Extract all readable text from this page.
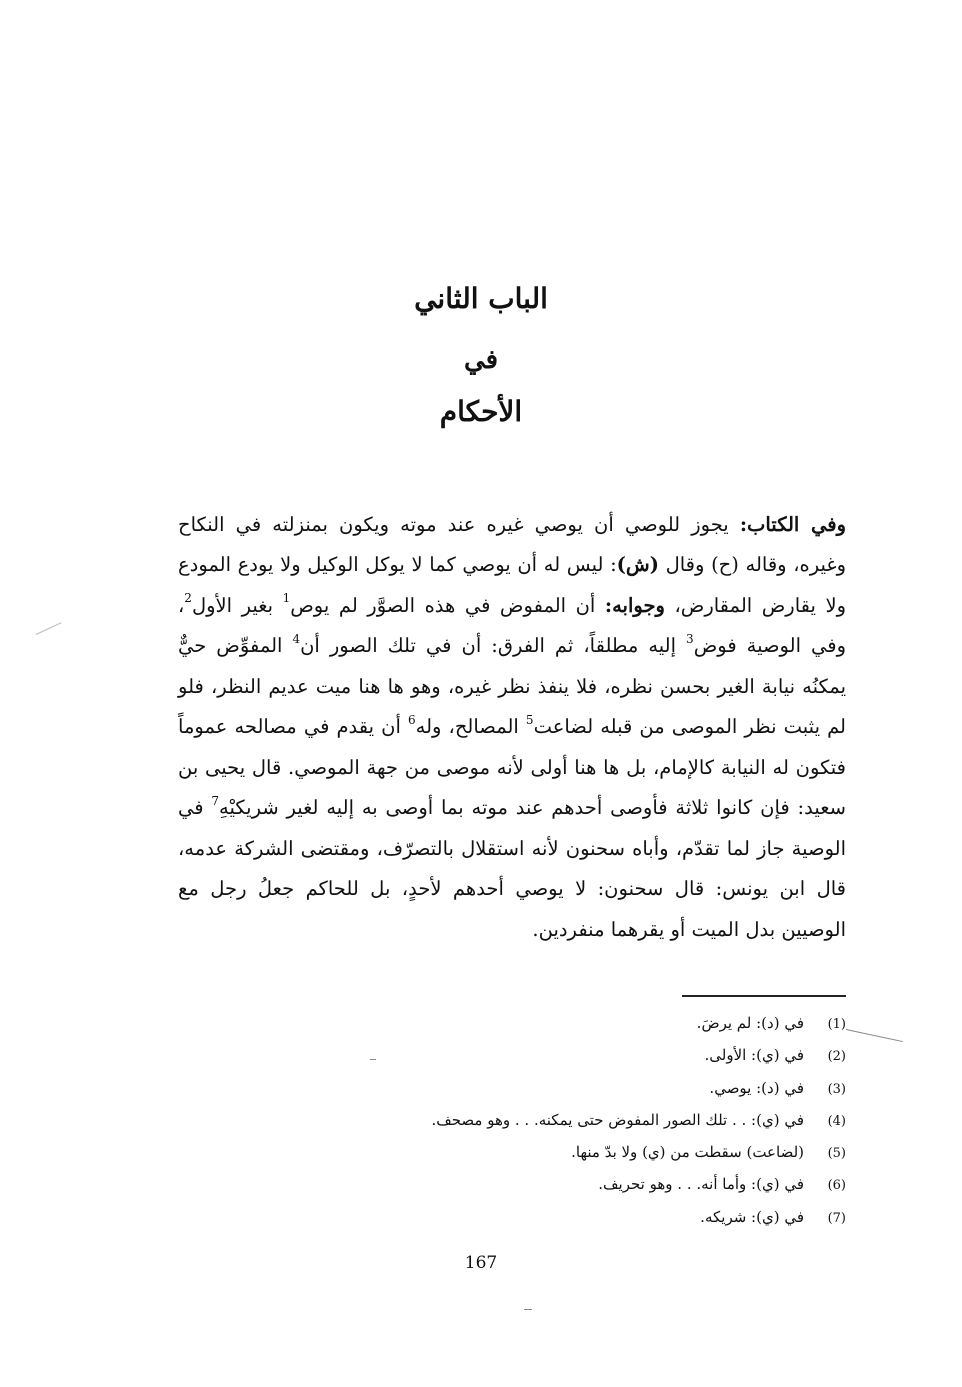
الباب الثاني
في
الأحكام

وفي الكتاب: يجوز للوصي أن يوصي غيره عند موته ويكون بمنزلته في النكاح وغيره، وقاله (ح) وقال (ش): ليس له أن يوصي كما لا يوكل الوكيل ولا يودع المودع ولا يقارض المقارض، وجوابه: أن المفوض في هذه الصوَّر لم يوص$^1$ بغير الأول$^2$، وفي الوصية فوض$^3$ إليه مطلقاً، ثم الفرق: أن في تلك الصور أن$^4$ المفوِّض حيٌّ يمكنُه نيابة الغير بحسن نظره، فلا ينفذ نظر غيره، وهو ها هنا ميت عديم النظر، فلو لم يثبت نظر الموصى من قبله لضاعت$^5$ المصالح، وله$^6$ أن يقدم في مصالحه عموماً فتكون له النيابة كالإمام، بل ها هنا أولى لأنه موصى من جهة الموصي. قال يحيى بن سعيد: فإن كانوا ثلاثة فأوصى أحدهم عند موته بما أوصى به إليه لغير شريكيْهِ$^7$ في الوصية جاز لما تقدّم، وأباه سحنون لأنه استقلال بالتصرّف، ومقتضى الشركة عدمه، قال ابن يونس: قال سحنون: لا يوصي أحدهم لأحدٍ، بل للحاكم جعلُ رجل مع الوصيين بدل الميت أو يقرهما منفردين.

(1)
في (د): لم يرضَ.
(2)
في (ي): الأولى.
(3)
في (د): يوصي.
(4)
في (ي): . . تلك الصور المفوض حتى يمكنه. . . وهو مصحف.
(5)
(لضاعت) سقطت من (ي) ولا بدّ منها.
(6)
في (ي): وأما أنه. . . وهو تحريف.
(7)
في (ي): شريكه.
167
